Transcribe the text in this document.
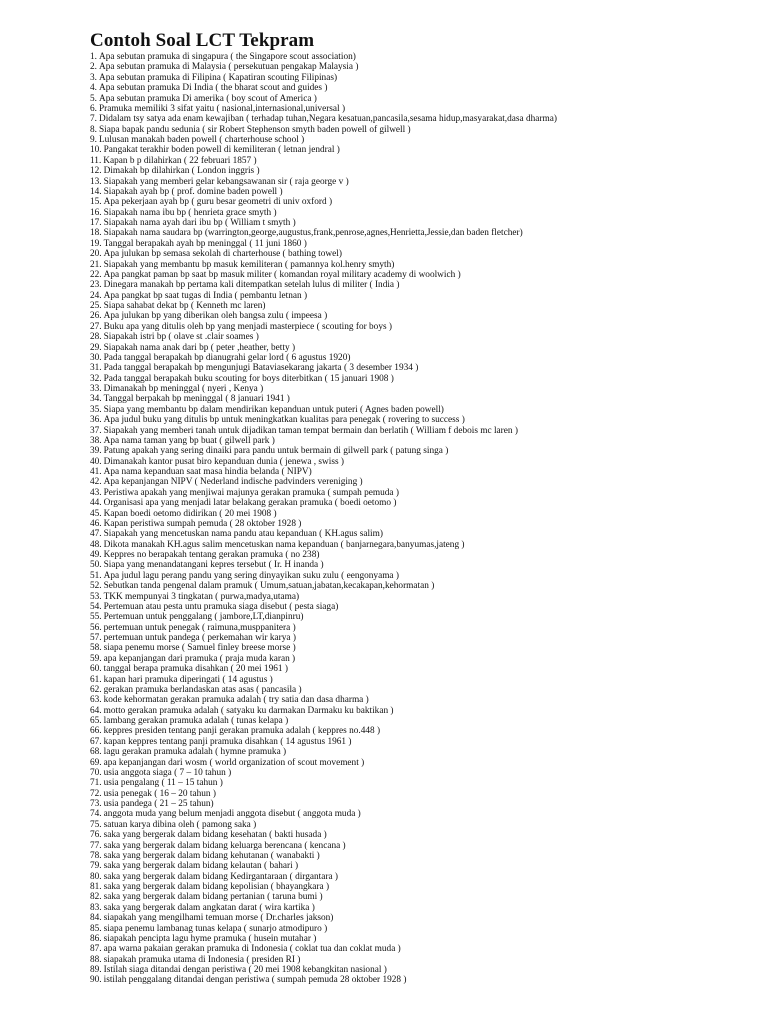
Contoh Soal LCT Tekpram
1. Apa sebutan pramuka di singapura ( the Singapore scout association)
2. Apa sebutan pramuka di Malaysia ( persekutuan pengakap Malaysia )
3. Apa sebutan pramuka di Filipina ( Kapatiran scouting Filipinas)
4. Apa sebutan pramuka Di India ( the bharat scout and guides )
5. Apa sebutan pramuka Di amerika ( boy scout of America )
6. Pramuka memiliki 3 sifat yaitu ( nasional,internasional,universal )
7. Didalam tsy satya ada enam kewajiban ( terhadap tuhan,Negara kesatuan,pancasila,sesama hidup,masyarakat,dasa dharma)
8. Siapa bapak pandu sedunia ( sir Robert Stephenson smyth baden powell of gilwell )
9. Lulusan manakah baden powell ( charterhouse school )
10. Pangakat terakhir boden powell di kemiliteran ( letnan jendral )
11. Kapan b p dilahirkan ( 22 februari 1857 )
12. Dimakah bp dilahirkan ( London inggris )
13. Siapakah yang memberi gelar kebangsawanan sir ( raja george v )
14. Siapakah ayah bp ( prof. domine baden powell )
15. Apa pekerjaan ayah bp ( guru besar geometri di univ oxford )
16. Siapakah nama ibu bp ( henrieta grace smyth )
17. Siapakah nama ayah dari ibu bp ( William t smyth )
18. Siapakah nama saudara bp (warrington,george,augustus,frank,penrose,agnes,Henrietta,Jessie,dan baden fletcher)
19. Tanggal berapakah ayah bp meninggal ( 11 juni 1860 )
20. Apa julukan bp semasa sekolah di charterhouse ( bathing towel)
21. Siapakah yang membantu bp masuk kemiliteran ( pamannya kol.henry smyth)
22. Apa pangkat paman bp saat bp masuk militer ( komandan royal military academy di woolwich )
23. Dinegara manakah bp pertama kali ditempatkan setelah lulus di militer ( India )
24. Apa pangkat bp saat tugas di India ( pembantu letnan )
25. Siapa sahabat dekat bp ( Kenneth mc laren)
26. Apa julukan bp yang diberikan oleh bangsa zulu ( impeesa )
27. Buku apa yang ditulis oleh bp yang menjadi masterpiece ( scouting for boys )
28. Siapakah istri bp ( olave st .clair soames )
29. Siapakah nama anak dari bp ( peter ,heather, betty )
30. Pada tanggal berapakah bp dianugrahi gelar lord ( 6 agustus 1920)
31. Pada tanggal berapakah bp mengunjugi Bataviasekarang jakarta ( 3 desember 1934 )
32. Pada tanggal berapakah buku scouting for boys diterbitkan ( 15 januari 1908 )
33. Dimanakah bp meninggal ( nyeri , Kenya )
34. Tanggal berpakah bp meninggal ( 8 januari 1941 )
35. Siapa yang membantu bp dalam mendirikan kepanduan untuk puteri ( Agnes baden powell)
36. Apa judul buku yang ditulis bp untuk meningkatkan kualitas para penegak ( rovering to success )
37. Siapakah yang memberi tanah untuk dijadikan taman tempat bermain dan berlatih ( William f debois mc laren )
38. Apa nama taman yang bp buat ( gilwell park )
39. Patung apakah yang sering dinaiki para pandu untuk bermain di gilwell park ( patung singa )
40. Dimanakah kantor pusat biro kepanduan dunia ( jenewa , swiss )
41. Apa nama kepanduan saat masa hindia belanda ( NIPV)
42. Apa kepanjangan NIPV ( Nederland indische padvinders vereniging )
43. Peristiwa apakah yang menjiwai majunya gerakan pramuka ( sumpah pemuda )
44. Organisasi apa yang menjadi latar belakang gerakan pramuka ( boedi oetomo )
45. Kapan boedi oetomo didirikan ( 20 mei 1908 )
46. Kapan peristiwa sumpah pemuda ( 28 oktober 1928 )
47. Siapakah yang mencetuskan nama pandu atau kepanduan ( KH.agus salim)
48. Dikota manakah KH.agus salim mencetuskan nama kepanduan ( banjarnegara,banyumas,jateng )
49. Keppres no berapakah tentang gerakan pramuka ( no 238)
50. Siapa yang menandatangani kepres tersebut ( Ir. H inanda )
51. Apa judul lagu perang pandu yang sering dinyayikan suku zulu ( eengonyama )
52. Sebutkan tanda pengenal dalam pramuk ( Umum,satuan,jabatan,kecakapan,kehormatan )
53. TKK mempunyai 3 tingkatan ( purwa,madya,utama)
54. Pertemuan atau pesta untu pramuka siaga disebut ( pesta siaga)
55. Pertemuan untuk penggalang ( jambore,LT,dianpinru)
56. pertemuan untuk penegak ( raimuna,musppanitera )
57. pertemuan untuk pandega ( perkemahan wir karya )
58. siapa penemu morse ( Samuel finley breese morse )
59. apa kepanjangan dari pramuka ( praja muda karan )
60. tanggal berapa pramuka disahkan ( 20 mei 1961 )
61. kapan hari pramuka diperingati ( 14 agustus )
62. gerakan pramuka berlandaskan atas asas ( pancasila )
63. kode kehormatan gerakan pramuka adalah ( try satia dan dasa dharma )
64. motto gerakan pramuka adalah ( satyaku ku darmakan Darmaku ku baktikan )
65. lambang gerakan pramuka adalah ( tunas kelapa )
66. keppres presiden tentang panji gerakan pramuka adalah ( keppres no.448 )
67. kapan keppres tentang panji pramuka disahkan ( 14 agustus 1961 )
68. lagu gerakan pramuka adalah ( hymne pramuka )
69. apa kepanjangan dari wosm ( world organization of scout movement )
70. usia anggota siaga ( 7 – 10 tahun )
71. usia pengalang ( 11 – 15 tahun )
72. usia penegak ( 16 – 20 tahun )
73. usia pandega ( 21 – 25 tahun)
74. anggota muda yang belum menjadi anggota disebut ( anggota muda )
75. satuan karya dibina oleh ( pamong saka )
76. saka yang bergerak dalam bidang kesehatan ( bakti husada )
77. saka yang bergerak dalam bidang keluarga berencana ( kencana )
78. saka yang bergerak dalam bidang kehutanan ( wanabakti )
79. saka yang bergerak dalam bidang kelautan ( bahari )
80. saka yang bergerak dalam bidang Kedirgantaraan ( dirgantara )
81. saka yang bergerak dalam bidang kepolisian ( bhayangkara )
82. saka yang bergerak dalam bidang pertanian ( taruna bumi )
83. saka yang bergerak dalam angkatan darat ( wira kartika )
84. siapakah yang mengilhami temuan morse ( Dr.charles jakson)
85. siapa penemu lambanag tunas kelapa ( sunarjo atmodipuro )
86. siapakah pencipta lagu hyme pramuka ( husein mutahar )
87. apa warna pakaian gerakan pramuka di Indonesia ( coklat tua dan coklat muda )
88. siapakah pramuka utama di Indonesia ( presiden RI )
89. Istilah siaga ditandai dengan peristiwa ( 20 mei 1908 kebangkitan nasional )
90. istilah penggalang ditandai dengan peristiwa ( sumpah pemuda 28 oktober 1928 )
